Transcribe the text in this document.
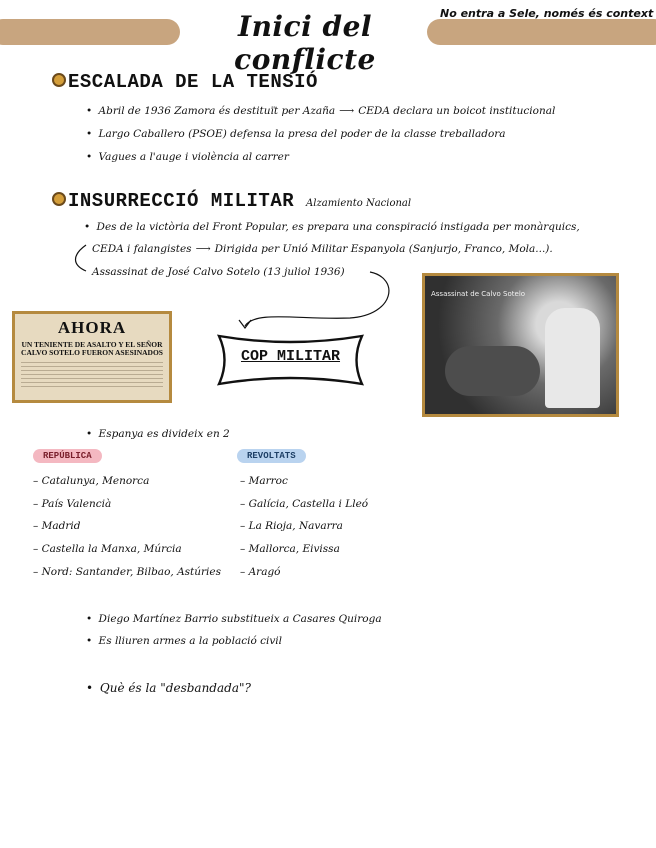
Inici del conflicte
No entra a Sele, només és context
ESCALADA DE LA TENSIÓ
• Abril de 1936 Zamora és destituït per Azaña ⟶ CEDA declara un boicot institucional
• Largo Caballero (PSOE) defensa la presa del poder de la classe treballadora
• Vagues a l'auge i violència al carrer
INSURRECCIÓ MILITAR Alzamiento Nacional
• Des de la victòria del Front Popular, es prepara una conspiració instigada per monàrquics,
CEDA i falangistes ⟶ Dirigida per Unió Militar Espanyola (Sanjurjo, Franco, Mola...).
Assassinat de José Calvo Sotelo (13 juliol 1936)
AHORA
UN TENIENTE DE ASALTO Y EL SEÑOR CALVO SOTELO FUERON ASESINADOS
Assassinat de Calvo Sotelo
COP MILITAR
• Espanya es divideix en 2
REPÚBLICA	REVOLTATS
– Catalunya, Menorca
– País Valencià
– Madrid
– Castella la Manxa, Múrcia
– Nord: Santander, Bilbao, Astúries
– Marroc
– Galícia, Castella i Lleó
– La Rioja, Navarra
– Mallorca, Eivissa
– Aragó
• Diego Martínez Barrio substitueix a Casares Quiroga
• Es lliuren armes a la població civil
• Què és la "desbandada"?
